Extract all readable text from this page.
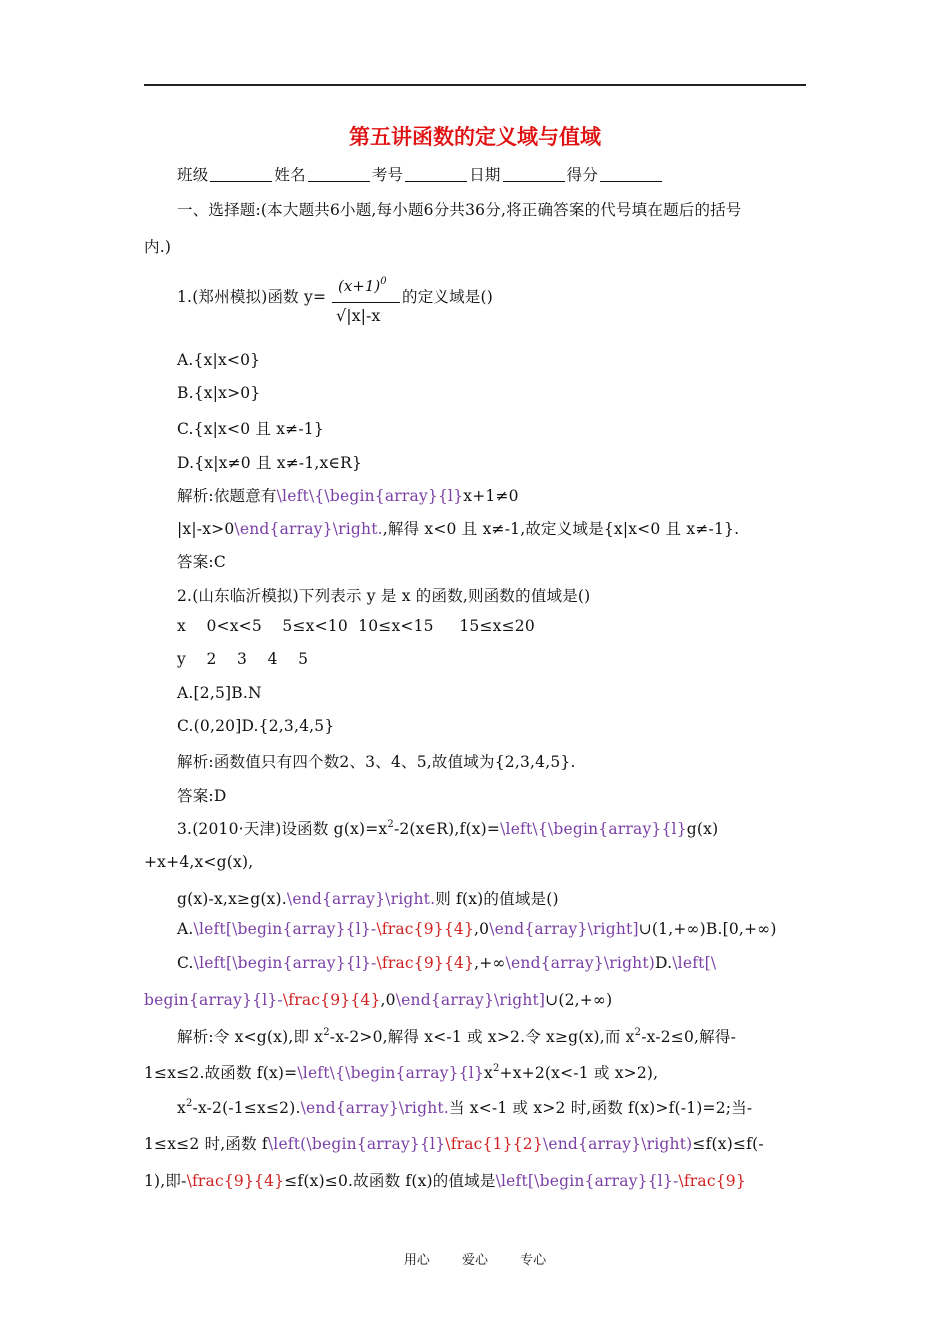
第五讲函数的定义域与值域
班级	姓名	考号	日期	得分
一、选择题:(本大题共6小题,每小题6分共36分,将正确答案的代号填在题后的括号
内.)
1.(郑州模拟)函数 y=
$(x+1)^0$
√|x|-x
的定义域是()
A.{x|x<0}
B.{x|x>0}
C.{x|x<0 且 x≠-1}
D.{x|x≠0 且 x≠-1,x∈R}
解析:依题意有\left\{\begin{array}{l}x+1≠0
|x|-x>0\end{array}\right.,解得 x<0 且 x≠-1,故定义域是{x|x<0 且 x≠-1}.
答案:C
2.(山东临沂模拟)下列表示 y 是 x 的函数,则函数的值域是()
x    0<x<5    5≤x<10  10≤x<15     15≤x≤20
y    2    3    4    5
A.[2,5]B.N
C.(0,20]D.{2,3,4,5}
解析:函数值只有四个数2、3、4、5,故值域为{2,3,4,5}.
答案:D
3.(2010·天津)设函数 $g(x)=x^2-2(x\in R),f(x)=\backslash left\backslash\{\backslash begin\{array\}\{l\}g(x)$
+x+4,x<g(x),
g(x)-x,x≥g(x).\end{array}\right.则 f(x)的值域是()
A.\left[\begin{array}{l}-\frac{9}{4},0\end{array}\right]∪(1,+∞)B.[0,+∞)
C.\left[\begin{array}{l}-\frac{9}{4},+∞\end{array}\right)D.\left[\
begin{array}{l}-\frac{9}{4},0\end{array}\right]∪(2,+∞)
解析:令 x<g(x),即 $x^2-x-2>0$,解得 x<-1 或 x>2.令 x≥g(x),而 $x^2-x-2\le 0$,解得-
1≤x≤2.故函数 $f(x)=\backslash left\backslash\{\backslash begin\{array\}\{l\}x^2+x+2(x<-1$ 或 x>2),
$x^2-x-2(-1\le x\le 2).\backslash end\{array\}\backslash right$.当 x<-1 或 x>2 时,函数 f(x)>f(-1)=2;当-
1≤x≤2 时,函数 f\left(\begin{array}{l}\frac{1}{2}\end{array}\right)≤f(x)≤f(-
1),即-\frac{9}{4}≤f(x)≤0.故函数 f(x)的值域是\left[\begin{array}{l}-\frac{9}
用心 爱心 专心
